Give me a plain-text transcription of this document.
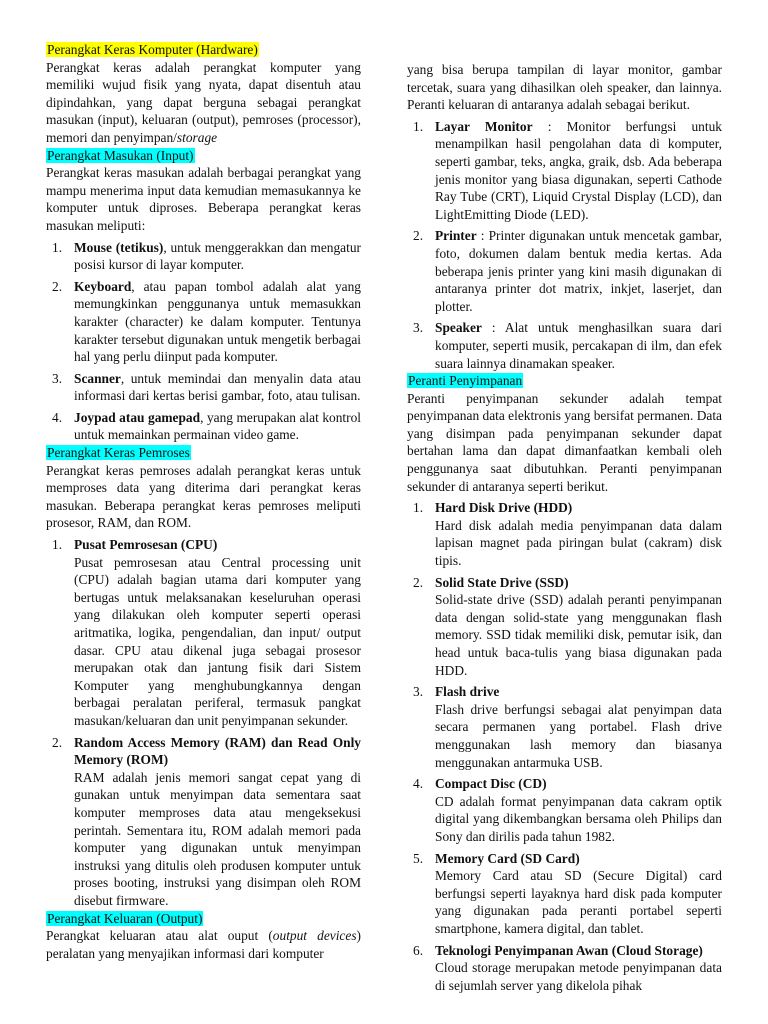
Perangkat Keras Komputer (Hardware)

Perangkat keras adalah perangkat komputer yang memiliki wujud fisik yang nyata, dapat disentuh atau dipindahkan, yang dapat berguna sebagai perangkat masukan (input), keluaran (output), pemroses (processor), memori dan penyimpan/storage

Perangkat Masukan (Input)

Perangkat keras masukan adalah berbagai perangkat yang mampu menerima input data kemudian memasukannya ke komputer untuk diproses. Beberapa perangkat keras masukan meliputi:

1. Mouse (tetikus), untuk menggerakkan dan mengatur posisi kursor di layar komputer.
2. Keyboard, atau papan tombol adalah alat yang memungkinkan penggunanya untuk memasukkan karakter (character) ke dalam komputer. Tentunya karakter tersebut digunakan untuk mengetik berbagai hal yang perlu diinput pada komputer.
3. Scanner, untuk memindai dan menyalin data atau informasi dari kertas berisi gambar, foto, atau tulisan.
4. Joypad atau gamepad, yang merupakan alat kontrol untuk memainkan permainan video game.
Perangkat Keras Pemroses

Perangkat keras pemroses adalah perangkat keras untuk memproses data yang diterima dari perangkat keras masukan. Beberapa perangkat keras pemroses meliputi prosesor, RAM, dan ROM.

1. Pusat Pemrosesan (CPU)
Pusat pemrosesan atau Central processing unit (CPU) adalah bagian utama dari komputer yang bertugas untuk melaksanakan keseluruhan operasi yang dilakukan oleh komputer seperti operasi aritmatika, logika, pengendalian, dan input/ output dasar. CPU atau dikenal juga sebagai prosesor merupakan otak dan jantung fisik dari Sistem Komputer yang menghubungkannya dengan berbagai peralatan periferal, termasuk pangkat masukan/keluaran dan unit penyimpanan sekunder.
2. Random Access Memory (RAM) dan Read Only Memory (ROM)
RAM adalah jenis memori sangat cepat yang di gunakan untuk menyimpan data sementara saat komputer memproses data atau mengeksekusi perintah. Sementara itu, ROM adalah memori pada komputer yang digunakan untuk menyimpan instruksi yang ditulis oleh produsen komputer untuk proses booting, instruksi yang disimpan oleh ROM disebut firmware.
Perangkat Keluaran (Output)

Perangkat keluaran atau alat ouput (output devices) peralatan yang menyajikan informasi dari komputer

yang bisa berupa tampilan di layar monitor, gambar tercetak, suara yang dihasilkan oleh speaker, dan lainnya. Peranti keluaran di antaranya adalah sebagai berikut.

1. Layar Monitor : Monitor berfungsi untuk menampilkan hasil pengolahan data di komputer, seperti gambar, teks, angka, graik, dsb. Ada beberapa jenis monitor yang biasa digunakan, seperti Cathode Ray Tube (CRT), Liquid Crystal Display (LCD), dan LightEmitting Diode (LED).
2. Printer : Printer digunakan untuk mencetak gambar, foto, dokumen dalam bentuk media kertas. Ada beberapa jenis printer yang kini masih digunakan di antaranya printer dot matrix, inkjet, laserjet, dan plotter.
3. Speaker : Alat untuk menghasilkan suara dari komputer, seperti musik, percakapan di ilm, dan efek suara lainnya dinamakan speaker.
Peranti Penyimpanan

Peranti penyimpanan sekunder adalah tempat penyimpanan data elektronis yang bersifat permanen. Data yang disimpan pada penyimpanan sekunder dapat bertahan lama dan dapat dimanfaatkan kembali oleh penggunanya saat dibutuhkan. Peranti penyimpanan sekunder di antaranya seperti berikut.

1. Hard Disk Drive (HDD)
Hard disk adalah media penyimpanan data dalam lapisan magnet pada piringan bulat (cakram) disk tipis.
2. Solid State Drive (SSD)
Solid-state drive (SSD) adalah peranti penyimpanan data dengan solid-state yang menggunakan flash memory. SSD tidak memiliki disk, pemutar isik, dan head untuk baca-tulis yang biasa digunakan pada HDD.
3. Flash drive
Flash drive berfungsi sebagai alat penyimpan data secara permanen yang portabel. Flash drive menggunakan lash memory dan biasanya menggunakan antarmuka USB.
4. Compact Disc (CD)
CD adalah format penyimpanan data cakram optik digital yang dikembangkan bersama oleh Philips dan Sony dan dirilis pada tahun 1982.
5. Memory Card (SD Card)
Memory Card atau SD (Secure Digital) card berfungsi seperti layaknya hard disk pada komputer yang digunakan pada peranti portabel seperti smartphone, kamera digital, dan tablet.
6. Teknologi Penyimpanan Awan (Cloud Storage)
Cloud storage merupakan metode penyimpanan data di sejumlah server yang dikelola pihak
